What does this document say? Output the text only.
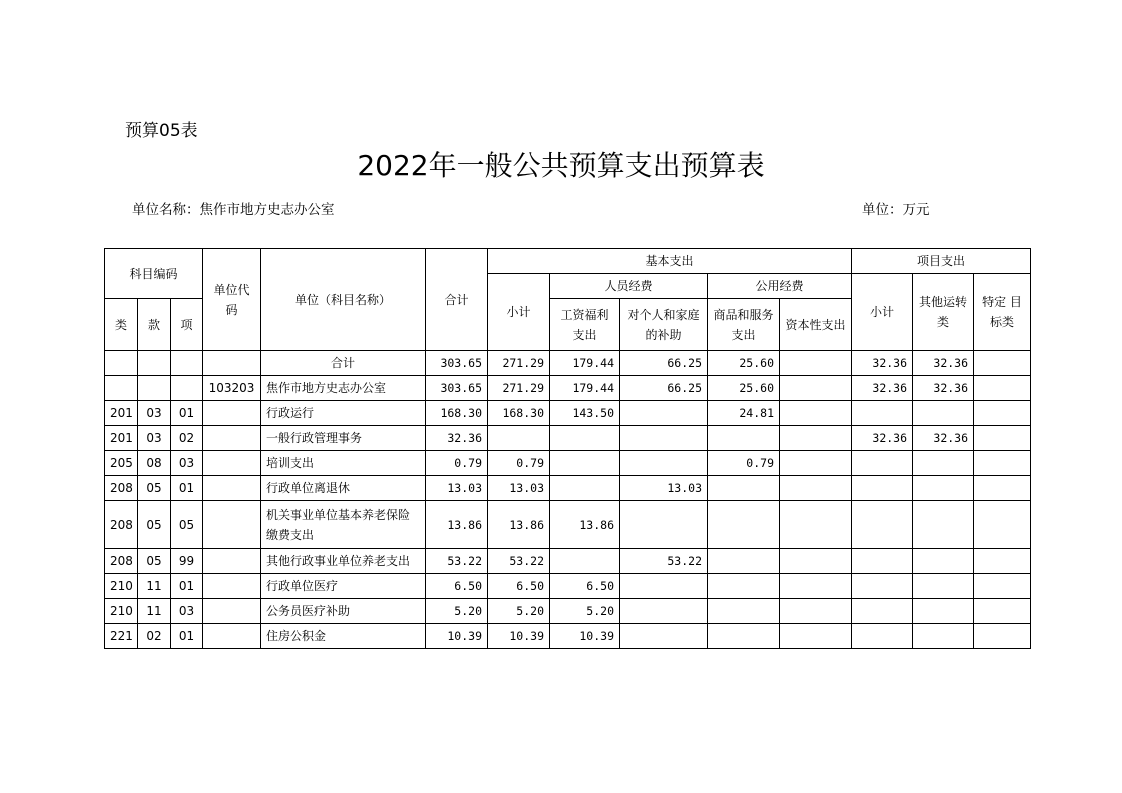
预算05表
2022年一般公共预算支出预算表
单位名称：焦作市地方史志办公室	单位：万元
科目编码			单位代码	单位（科目名称）	合计	基本支出					项目支出		
						小计	人员经费		公用经费		小计	其他运转类	特定 目标类
类	款	项					工资福利支出	对个人和家庭的补助	商品和服务支出	资本性支出			
				合计	303.65	271.29	179.44	66.25	25.60		32.36	32.36	
			103203	焦作市地方史志办公室	303.65	271.29	179.44	66.25	25.60		32.36	32.36	
201	03	01		行政运行	168.30	168.30	143.50		24.81				
201	03	02		一般行政管理事务	32.36						32.36	32.36	
205	08	03		培训支出	0.79	0.79			0.79				
208	05	01		行政单位离退休	13.03	13.03		13.03					
208	05	05		机关事业单位基本养老保险缴费支出	13.86	13.86	13.86						
208	05	99		其他行政事业单位养老支出	53.22	53.22		53.22					
210	11	01		行政单位医疗	6.50	6.50	6.50						
210	11	03		公务员医疗补助	5.20	5.20	5.20						
221	02	01		住房公积金	10.39	10.39	10.39						
